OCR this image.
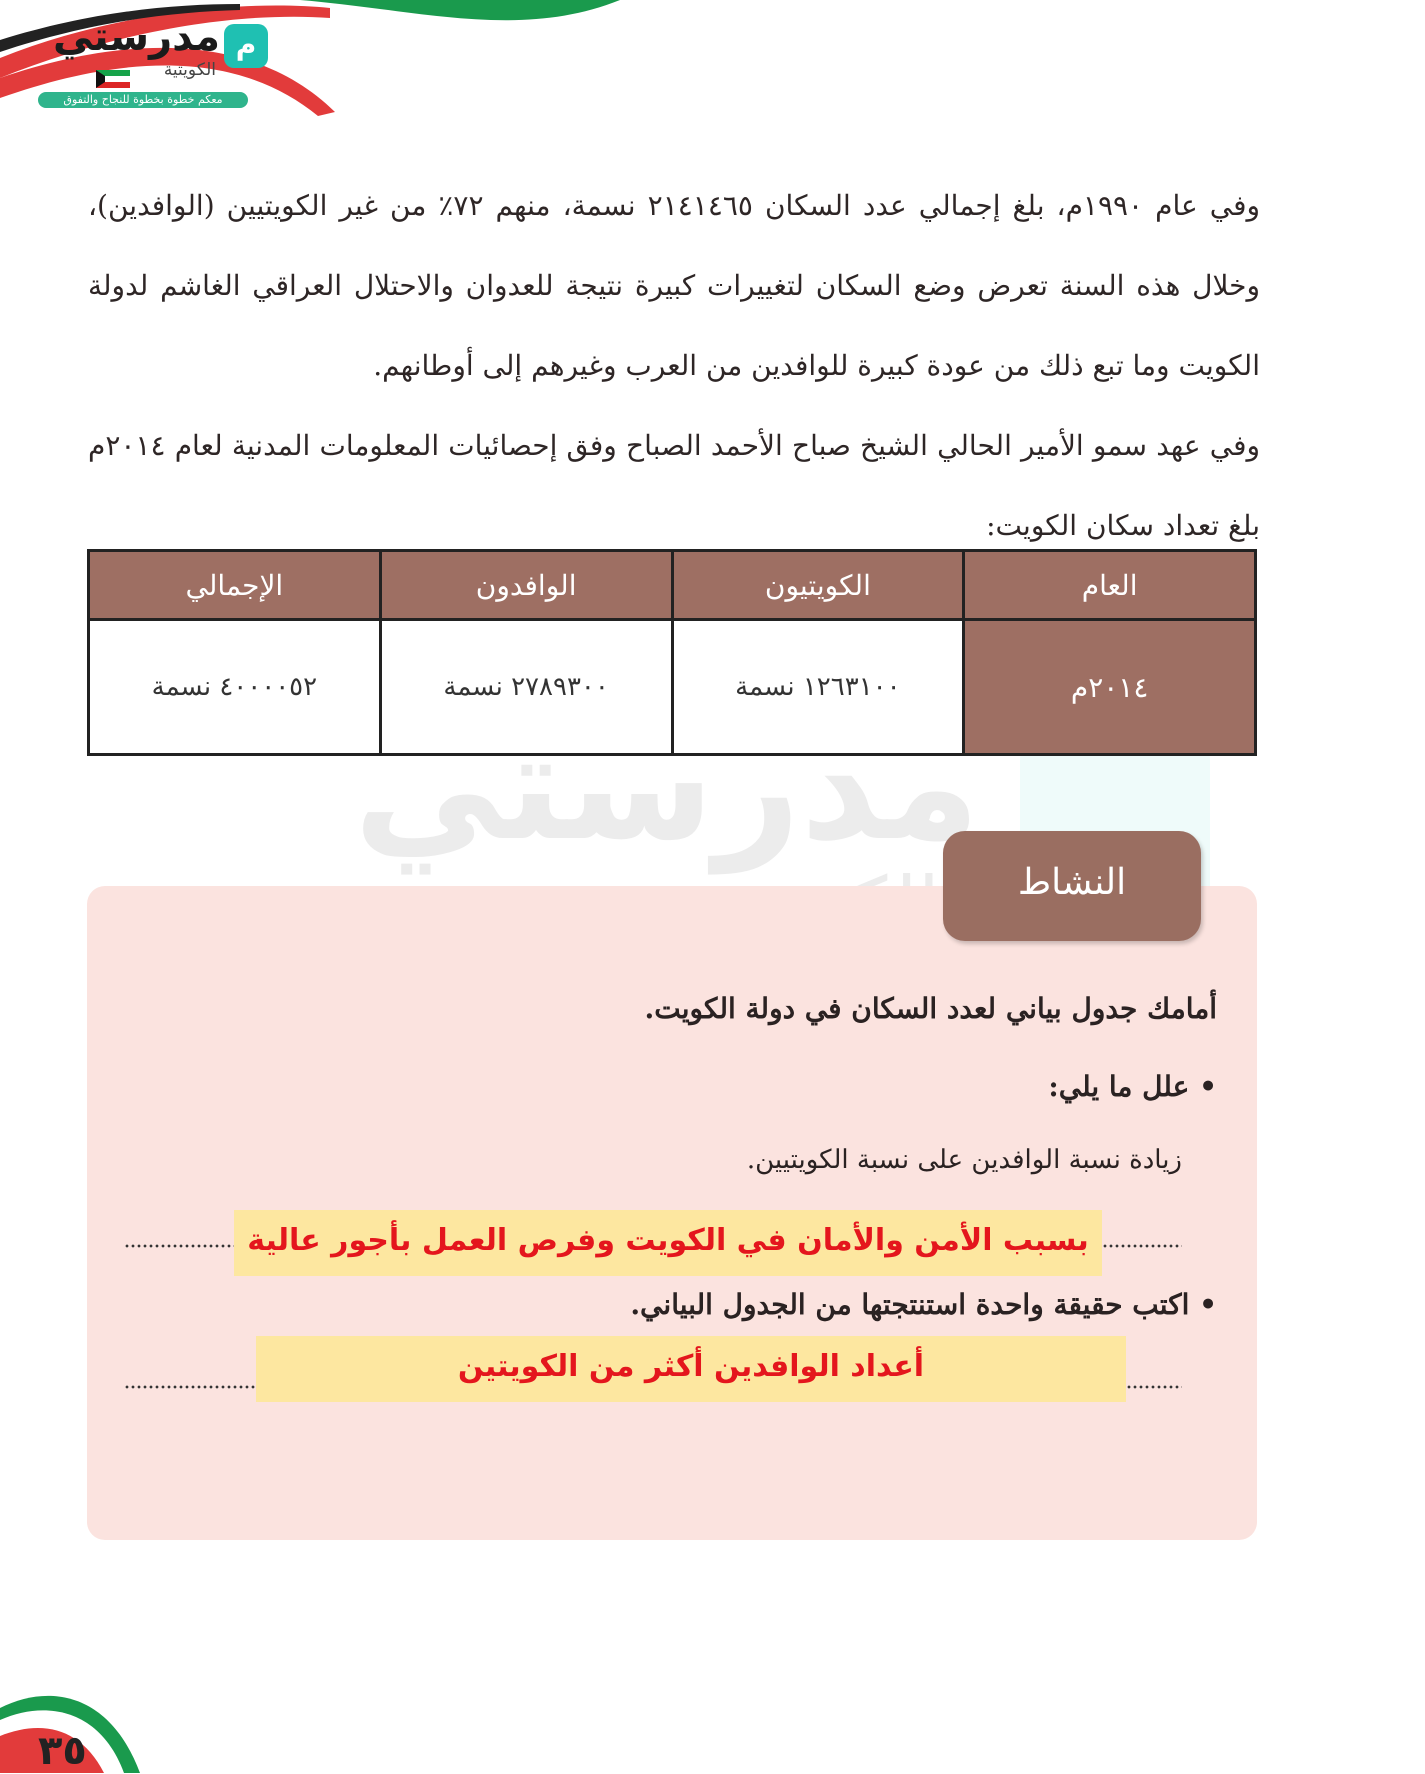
مدرستي م
الكويتية
معكم خطوة بخطوة للنجاح والتفوق
مدرستي

وفي عام ١٩٩٠م، بلغ إجمالي عدد السكان ٢١٤١٤٦٥ نسمة، منهم ٧٢٪ من غير الكويتيين (الوافدين)، وخلال هذه السنة تعرض وضع السكان لتغييرات كبيرة نتيجة للعدوان والاحتلال العراقي الغاشم لدولة الكويت وما تبع ذلك من عودة كبيرة للوافدين من العرب وغيرهم إلى أوطانهم.

وفي عهد سمو الأمير الحالي الشيخ صباح الأحمد الصباح وفق إحصائيات المعلومات المدنية لعام ٢٠١٤م بلغ تعداد سكان الكويت:

العام	الكويتيون	الوافدون	الإجمالي
٢٠١٤م	١٢٦٣١٠٠ نسمة	٢٧٨٩٣٠٠ نسمة	٤٠٠٠٠٥٢ نسمة
النشاط
أمامك جدول بياني لعدد السكان في دولة الكويت.
• علل ما يلي:
زيادة نسبة الوافدين على نسبة الكويتيين.
بسبب الأمن والأمان في الكويت وفرص العمل بأجور عالية
• اكتب حقيقة واحدة استنتجتها من الجدول البياني.
أعداد الوافدين أكثر من الكويتين
٣٥
